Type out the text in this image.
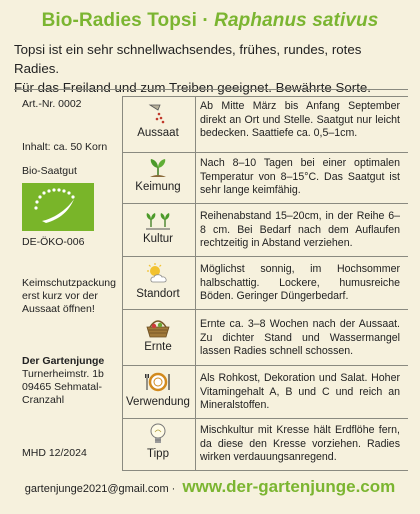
Bio-Radies Topsi · Raphanus sativus
Topsi ist ein sehr schnellwachsendes, frühes, rundes, rotes Radies.
Für das Freiland und zum Treiben geeignet. Bewährte Sorte.
Art.-Nr. 0002
Inhalt: ca. 50 Korn
Bio-Saatgut
DE-ÖKO-006
Keimschutzpackung
erst kurz vor der
Aussaat öffnen!
Der Gartenjunge
Turnerheimstr. 1b
09465 Sehmatal-
Cranzahl
MHD 12/2024
Aussaat
Ab Mitte März bis Anfang September direkt an Ort und Stelle. Saatgut nur leicht bedecken. Saattiefe ca. 0,5–1cm.
Keimung
Nach 8–10 Tagen bei einer optimalen Temperatur von 8–15°C. Das Saatgut ist sehr lange keimfähig.
Kultur
Reihenabstand 15–20cm, in der Reihe 6–8 cm. Bei Bedarf nach dem Auflaufen rechtzeitig in Abstand verziehen.
Standort
Möglichst sonnig, im Hochsommer halbschattig. Lockere, humusreiche Böden. Geringer Düngerbedarf.
Ernte
Ernte ca. 3–8 Wochen nach der Aussaat. Zu dichter Stand und Wassermangel lassen Radies schnell schossen.
Verwendung
Als Rohkost, Dekoration und Salat. Hoher Vitamingehalt A, B und C und reich an Mineralstoffen.
Tipp
Mischkultur mit Kresse hält Erdflöhe fern, da diese den Kresse vorziehen. Radies wirken verdauungsanregend.
gartenjunge2021@gmail.com · www.der-gartenjunge.com
